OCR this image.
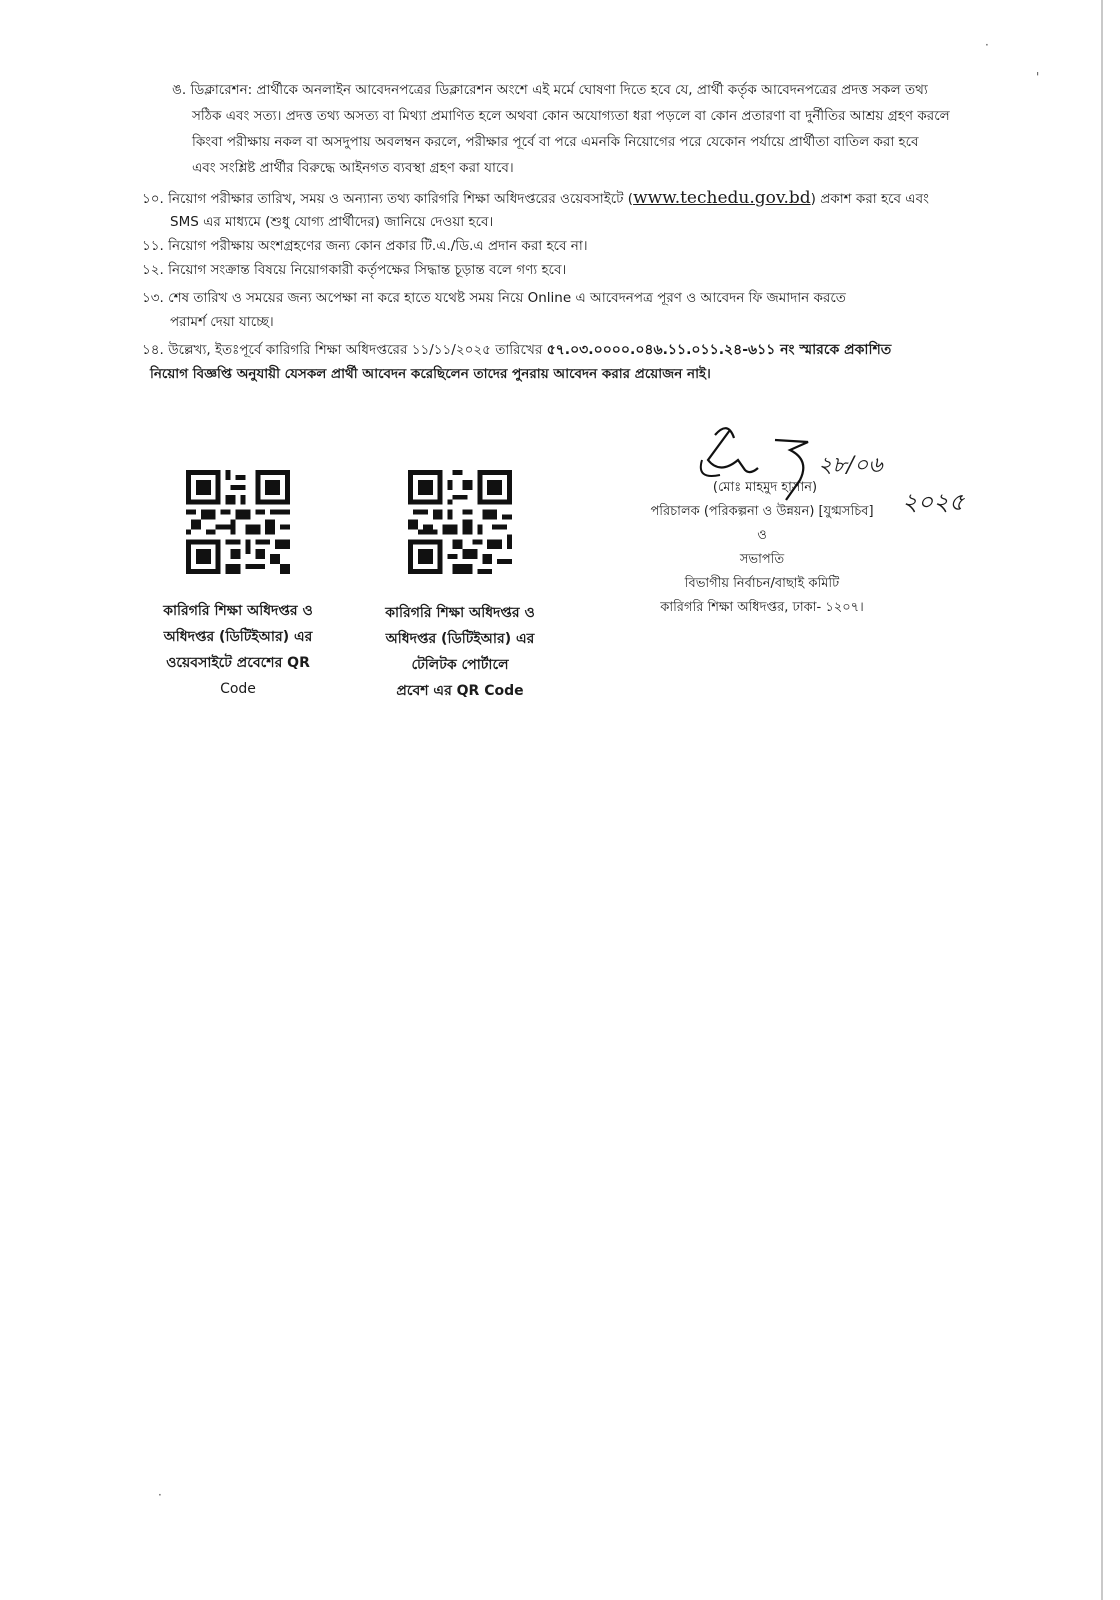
·
'
·
ঙ. ডিক্লারেশন: প্রার্থীকে অনলাইন আবেদনপত্রের ডিক্লারেশন অংশে এই মর্মে ঘোষণা দিতে হবে যে, প্রার্থী কর্তৃক আবেদনপত্রের প্রদত্ত সকল তথ্য
সঠিক এবং সত্য। প্রদত্ত তথ্য অসত্য বা মিথ্যা প্রমাণিত হলে অথবা কোন অযোগ্যতা ধরা পড়লে বা কোন প্রতারণা বা দুর্নীতির আশ্রয় গ্রহণ করলে
কিংবা পরীক্ষায় নকল বা অসদুপায় অবলম্বন করলে, পরীক্ষার পূর্বে বা পরে এমনকি নিয়োগের পরে যেকোন পর্যায়ে প্রার্থীতা বাতিল করা হবে
এবং সংশ্লিষ্ট প্রার্থীর বিরুদ্ধে আইনগত ব্যবস্থা গ্রহণ করা যাবে।
১০. নিয়োগ পরীক্ষার তারিখ, সময় ও অন্যান্য তথ্য কারিগরি শিক্ষা অধিদপ্তরের ওয়েবসাইটে (www.techedu.gov.bd) প্রকাশ করা হবে এবং
SMS এর মাধ্যমে (শুধু যোগ্য প্রার্থীদের) জানিয়ে দেওয়া হবে।
১১. নিয়োগ পরীক্ষায় অংশগ্রহণের জন্য কোন প্রকার টি.এ./ডি.এ প্রদান করা হবে না।
১২. নিয়োগ সংক্রান্ত বিষয়ে নিয়োগকারী কর্তৃপক্ষের সিদ্ধান্ত চূড়ান্ত বলে গণ্য হবে।
১৩. শেষ তারিখ ও সময়ের জন্য অপেক্ষা না করে হাতে যথেষ্ট সময় নিয়ে Online এ আবেদনপত্র পূরণ ও আবেদন ফি জমাদান করতে
পরামর্শ দেয়া যাচ্ছে।
১৪. উল্লেখ্য, ইতঃপূর্বে কারিগরি শিক্ষা অধিদপ্তরের ১১/১১/২০২৫ তারিখের ৫৭.০৩.০০০০.০৪৬.১১.০১১.২৪-৬১১ নং স্মারকে প্রকাশিত
নিয়োগ বিজ্ঞপ্তি অনুযায়ী যেসকল প্রার্থী আবেদন করেছিলেন তাদের পুনরায় আবেদন করার প্রয়োজন নাই।
২৮/০৬
২০২৫
(মোঃ মাহমুদ হাসান)
পরিচালক (পরিকল্পনা ও উন্নয়ন) [যুগ্মসচিব]
ও
সভাপতি
বিভাগীয় নির্বাচন/বাছাই কমিটি
কারিগরি শিক্ষা অধিদপ্তর, ঢাকা- ১২০৭।
কারিগরি শিক্ষা অধিদপ্তর ও
অধিদপ্তর (ডিটিইআর) এর
ওয়েবসাইটে প্রবেশের QR
Code
কারিগরি শিক্ষা অধিদপ্তর ও
অধিদপ্তর (ডিটিইআর) এর
টেলিটক পোর্টালে
প্রবেশ এর QR Code
